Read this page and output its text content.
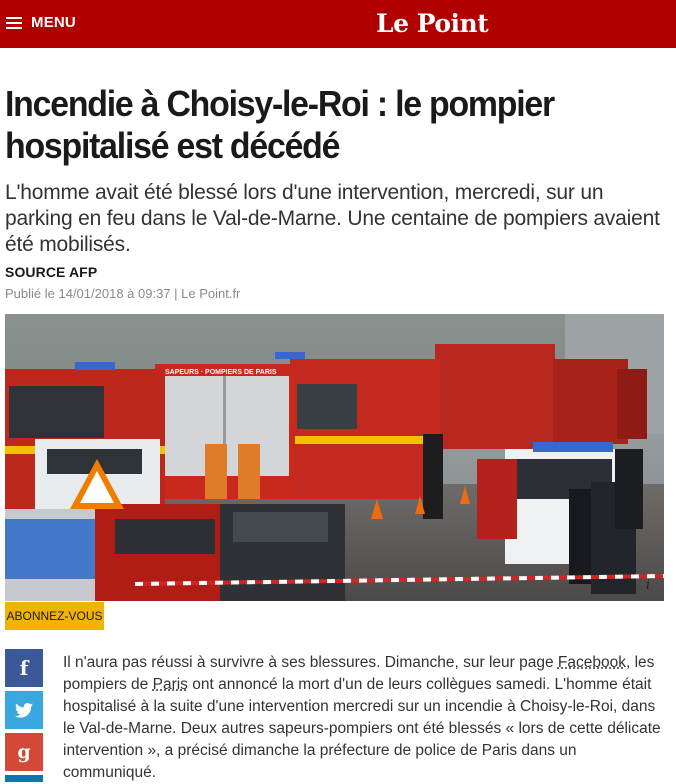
MENU	Le Point
Incendie à Choisy-le-Roi : le pompier hospitalisé est décédé

L'homme avait été blessé lors d'une intervention, mercredi, sur un parking en feu dans le Val-de-Marne. Une centaine de pompiers avaient été mobilisés.

SOURCE AFP
Publié le 14/01/2018 à 09:37 | Le Point.fr
SAPEURS · POMPIERS DE PARIS
i
ABONNEZ-VOUS
f
g

Il n'aura pas réussi à survivre à ses blessures. Dimanche, sur leur page Facebook, les pompiers de Paris ont annoncé la mort d'un de leurs collègues samedi. L'homme était hospitalisé à la suite d'une intervention mercredi sur un incendie à Choisy-le-Roi, dans le Val-de-Marne. Deux autres sapeurs-pompiers ont été blessés « lors de cette délicate intervention », a précisé dimanche la préfecture de police de Paris dans un communiqué.
